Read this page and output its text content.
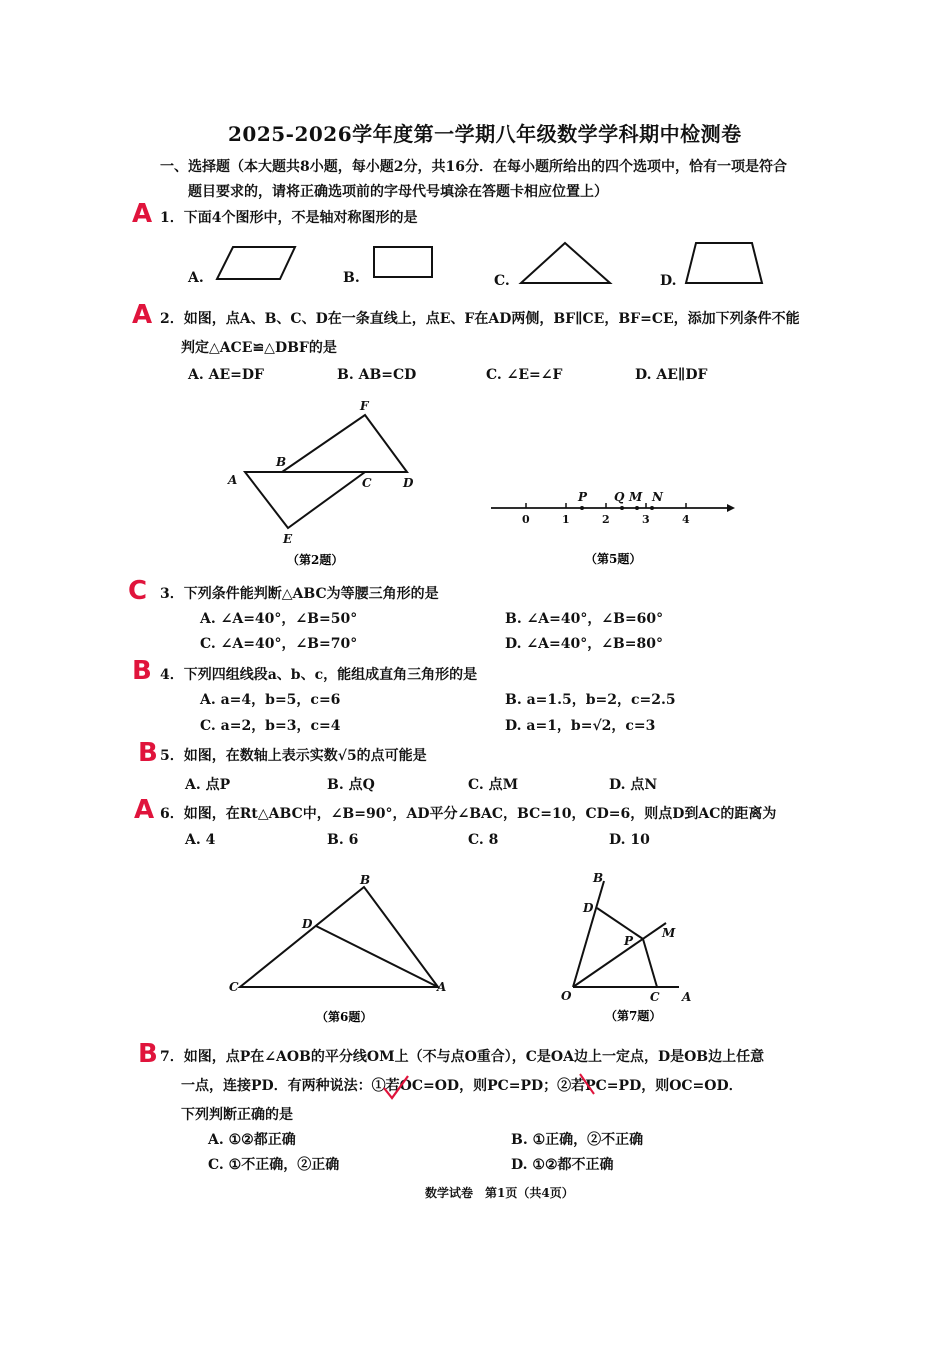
2025-2026学年度第一学期八年级数学学科期中检测卷
一、选择题（本大题共8小题，每小题2分，共16分．在每小题所给出的四个选项中，恰有一项是符合
题目要求的，请将正确选项前的字母代号填涂在答题卡相应位置上）
A 1．下面4个图形中，不是轴对称图形的是
A.	B.	C.	D.
A 2．如图，点A、B、C、D在一条直线上，点E、F在AD两侧，BF∥CE，BF=CE，添加下列条件不能
判定△ACE≌△DBF的是
A. AE=DF	B. AB=CD	C. ∠E=∠F	D. AE∥DF
F
B
A	C	D
E
（第2题）
0	1	2	3	4
P Q M N
（第5题）
C 3．下列条件能判断△ABC为等腰三角形的是
A. ∠A=40°，∠B=50°	B. ∠A=40°，∠B=60°
C. ∠A=40°，∠B=70°	D. ∠A=40°，∠B=80°
B 4．下列四组线段a、b、c，能组成直角三角形的是
A. a=4，b=5，c=6	B. a=1.5，b=2，c=2.5
C. a=2，b=3，c=4	D. a=1，b=√2，c=3
B 5．如图，在数轴上表示实数√5的点可能是
A. 点P	B. 点Q	C. 点M	D. 点N
A 6．如图，在Rt△ABC中，∠B=90°，AD平分∠BAC，BC=10，CD=6，则点D到AC的距离为
A. 4	B. 6	C. 8	D. 10
B
D
C	A
（第6题）
B
D
P
M
O	C A
（第7题）
B 7．如图，点P在∠AOB的平分线OM上（不与点O重合），C是OA边上一定点，D是OB边上任意
一点，连接PD．有两种说法：①若OC=OD，则PC=PD；②若PC=PD，则OC=OD．
下列判断正确的是
A. ①②都正确	B. ①正确，②不正确
C. ①不正确，②正确	D. ①②都不正确
数学试卷　第1页（共4页）
